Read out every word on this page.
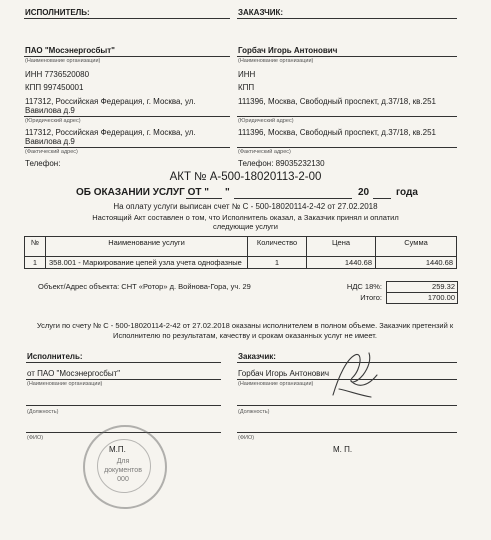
ИСПОЛНИТЕЛЬ:
ПАО "Мосэнергосбыт"
(Наименование организации)
ИНН 7736520080
КПП 997450001
117312, Российская Федерация, г. Москва, ул. Вавилова д.9
(Юридический адрес)
117312, Российская Федерация, г. Москва, ул. Вавилова д.9
(Фактический адрес)
Телефон:
ЗАКАЗЧИК:
Горбач Игорь Антонович
(Наименование организации)
ИНН
КПП
111396, Москва, Свободный проспект, д.37/18, кв.251
(Юридический адрес)
111396, Москва, Свободный проспект, д.37/18, кв.251
(Фактический адрес)
Телефон: 89035232130
АКТ № А-500-18020113-2-00
ОБ ОКАЗАНИИ УСЛУГ ОТ " "	20	года
На оплату услуги выписан счет № С - 500-18020114-2-42 от 27.02.2018
Настоящий Акт составлен о том, что Исполнитель оказал, а Заказчик принял и оплатил следующие услуги
№	Наименование услуги	Количество	Цена	Сумма
1	358.001 - Маркирование цепей узла учета однофазные	1	1440.68	1440.68
Объект/Адрес объекта: СНТ «Ротор» д. Войнова-Гора, уч. 29	НДС 18%:	259.32
Итого:	1700.00
Услуги по счету № С - 500-18020114-2-42 от 27.02.2018 оказаны исполнителем в полном объеме. Заказчик претензий к Исполнителю по результатам, качеству и срокам оказанных услуг не имеет.
Исполнитель:
от ПАО "Мосэнергосбыт"
(Наименование организации)
(Должность)
(ФИО)
М.П.
Для документов 000
Заказчик:
Горбач Игорь Антонович
(Наименование организации)
(Должность)
(ФИО)
М. П.
